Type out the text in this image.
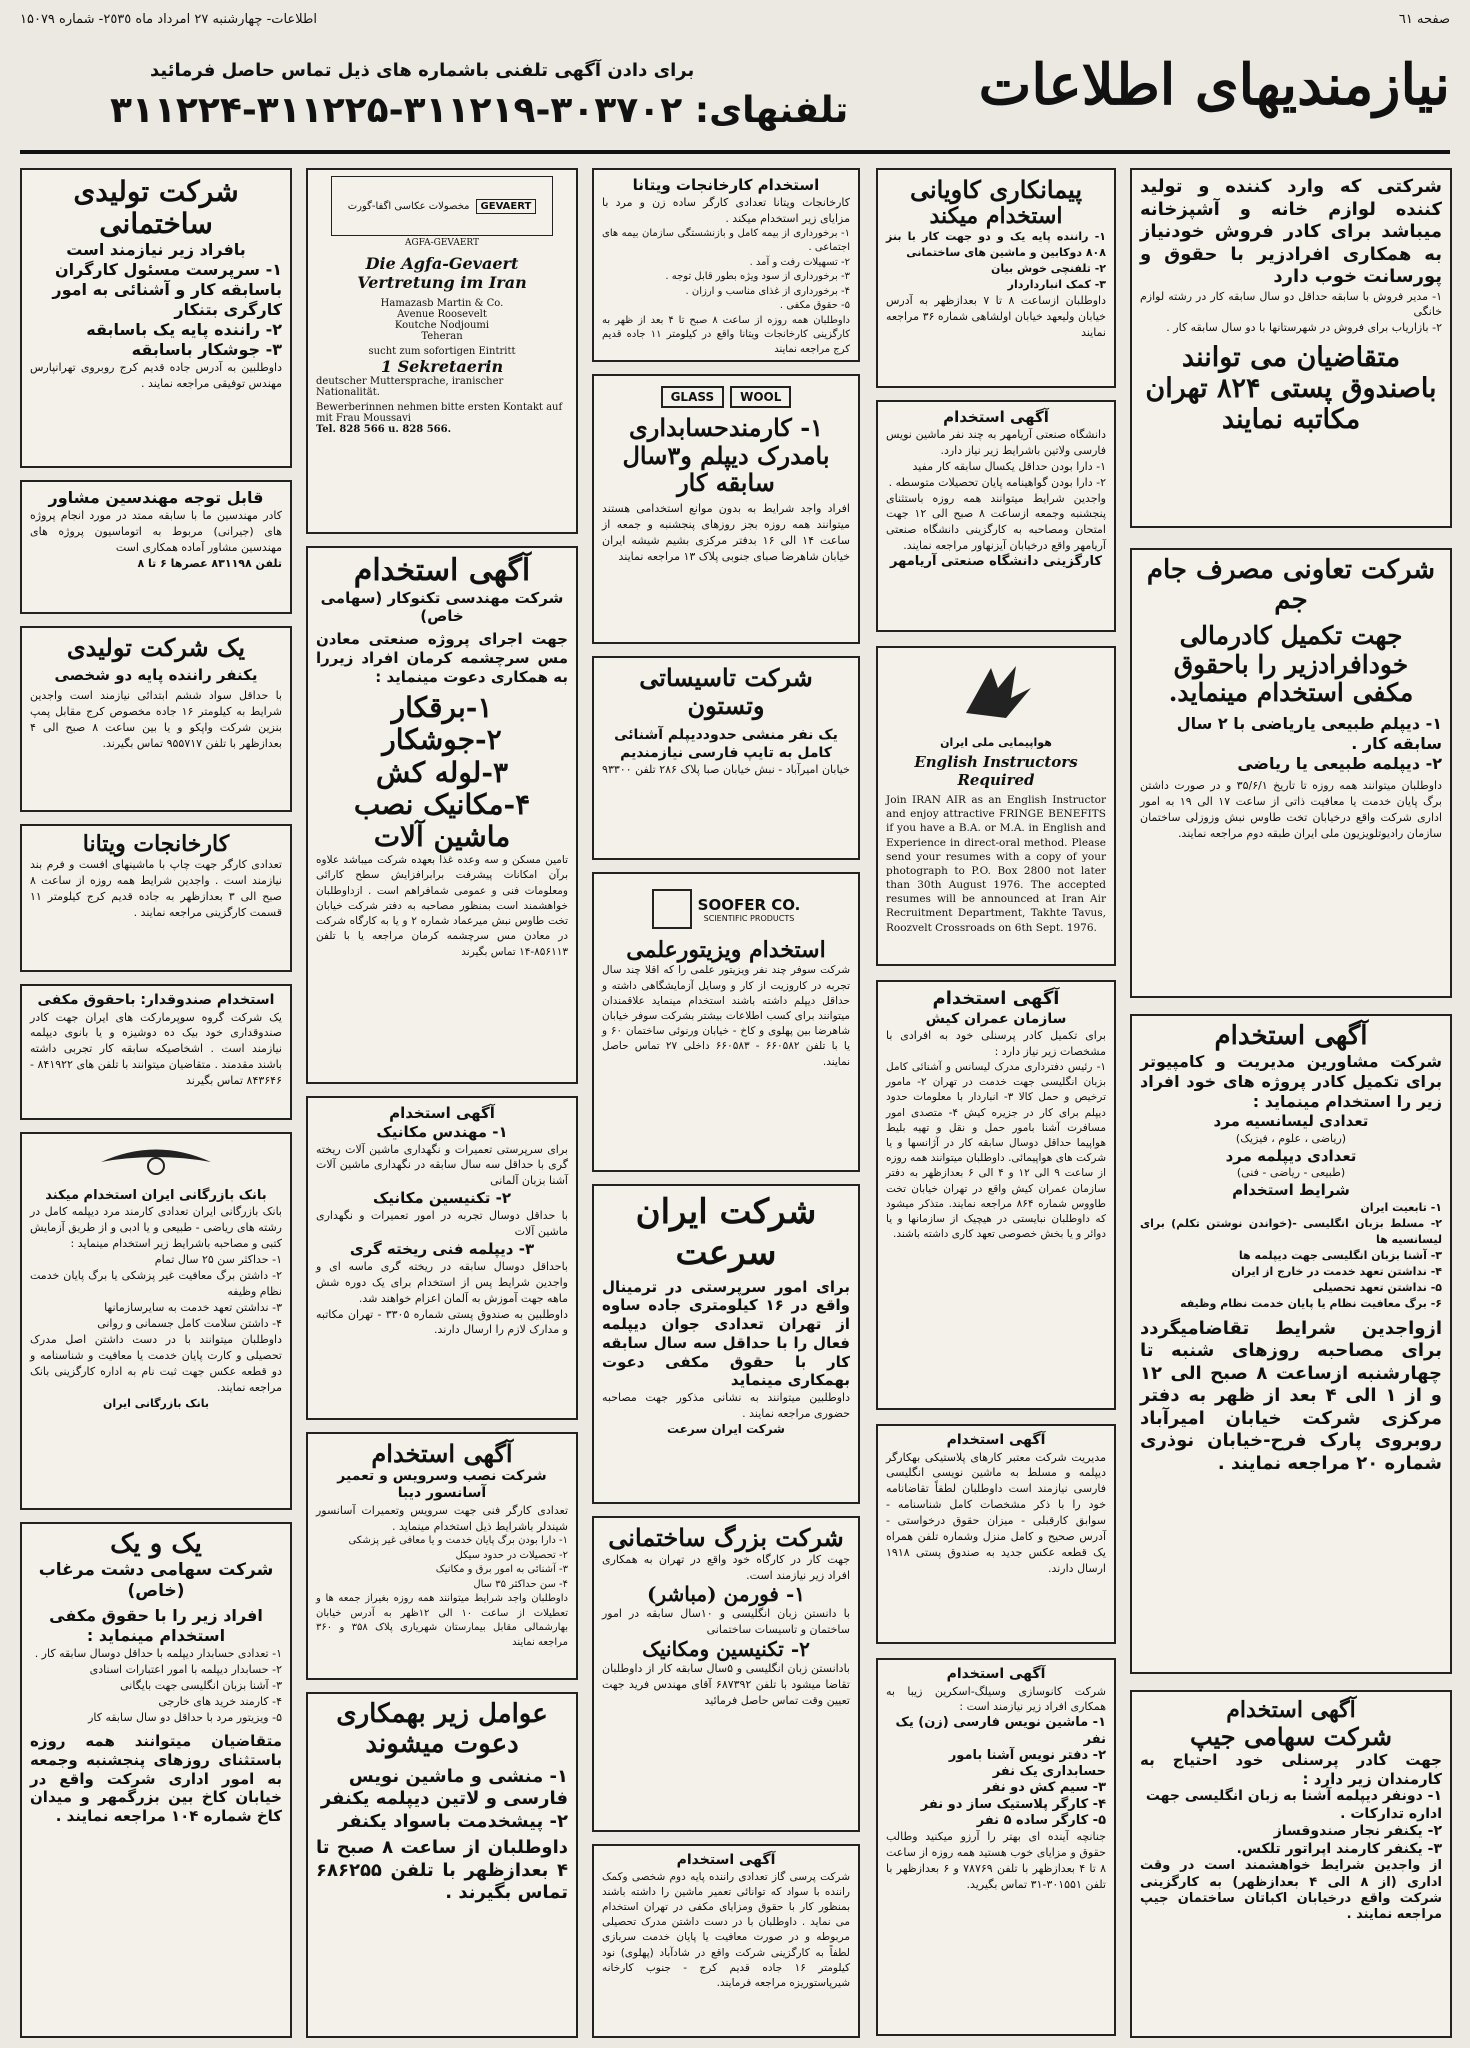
صفحه ٦١
اطلاعات- چهارشنبه ٢٧ امرداد ماه ٢٥٣٥- شماره ۱۵۰۷۹
نیازمندیهای اطلاعات
برای دادن آگهی تلفنی باشماره های ذیل تماس حاصل فرمائید
تلفنهای: ۳۰۳۷۰۲-۳۱۱۲۱۹-۳۱۱۲۲۵-۳۱۱۲۲۴
شرکتی که وارد کننده و تولید کننده لوازم خانه و آشپزخانه میباشد برای کادر فروش خودنیاز به همکاری افرادزیر با حقوق و پورسانت خوب دارد
۱- مدیر فروش با سابقه حداقل دو سال سابقه کار در رشته لوازم خانگی
۲- بازاریاب برای فروش در شهرستانها با دو سال سابقه کار .
متقاضیان می توانند باصندوق پستی ۸۲۴ تهران مکاتبه نمایند
شرکت تعاونی مصرف جام جم
جهت تکمیل کادرمالی خودافرادزیر را باحقوق مکفی استخدام مینماید.
۱- دیپلم طبیعی یاریاضی با ۲ سال سابقه کار .
۲- دیپلمه طبیعی یا ریاضی
داوطلبان میتوانند همه روزه تا تاریخ ۳۵/۶/۱ و در صورت داشتن برگ پایان خدمت یا معافیت ذاتی از ساعت ۱۷ الی ۱۹ به امور اداری شرکت واقع درخیابان تخت طاوس نبش وزوزلی ساختمان سازمان رادیوتلویزیون ملی ایران طبقه دوم مراجعه نمایند.
آگهی استخدام
شرکت مشاورین مدیریت و کامپیوتر برای تکمیل کادر پروژه های خود افراد زیر را استخدام مینماید :
تعدادی لیسانسیه مرد
(ریاضی ، علوم ، فیزیک)
تعدادی دیپلمه مرد
(طبیعی - ریاضی - فنی)
شرایط استخدام
۱- تابعیت ایران
۲- مسلط بزبان انگلیسی -(خواندن نوشتن تکلم) برای لیسانسیه ها
۳- آشنا بزبان انگلیسی جهت دیپلمه ها
۴- نداشتن تعهد خدمت در خارج از ایران
۵- نداشتن تعهد تحصیلی
۶- برگ معافیت نظام یا پایان خدمت نظام وظیفه
ازواجدین شرایط تقاضامیگردد برای مصاحبه روزهای شنبه تا چهارشنبه ازساعت ۸ صبح الی ۱۲ و از ۱ الی ۴ بعد از ظهر به دفتر مرکزی شرکت خیابان امیرآباد روبروی پارک فرح-خیابان نوذری شماره ۲۰ مراجعه نمایند .
آگهی استخدام
شرکت سهامی جیپ
جهت کادر پرسنلی خود احتیاج به کارمندان زیر دارد :
۱- دونفر دیپلمه آشنا به زبان انگلیسی جهت اداره تدارکات .
۲- یکنفر نجار صندوقساز
۳- یکنفر کارمند اپراتور تلکس.
از واجدین شرایط خواهشمند است در وقت اداری (از ۸ الی ۴ بعدازظهر) به کارگزینی شرکت واقع درخیابان اکباتان ساختمان جیپ مراجعه نمایند .
پیمانکاری کاویانی
استخدام میکند
۱- راننده پایه یک و دو جهت کار با بنز ۸۰۸ دوکابین و ماشین های ساختمانی
۲- تلفنچی خوش بیان
۳- کمک انبارداردار
داوطلبان ازساعت ۸ تا ۷ بعدازظهر به آدرس خیابان ولیعهد خیابان اولشاهی شماره ۳۶ مراجعه نمایند
آگهی استخدام
دانشگاه صنعتی آریامهر به چند نفر ماشین نویس فارسی ولاتین باشرایط زیر نیاز دارد.
۱- دارا بودن حداقل یکسال سابقه کار مفید
۲- دارا بودن گواهینامه پایان تحصیلات متوسطه .
واجدین شرایط میتوانند همه روزه باستثنای پنجشنبه وجمعه ازساعت ۸ صبح الی ۱۲ جهت امتحان ومصاحبه به کارگزینی دانشگاه صنعتی آریامهر واقع درخیابان آیزنهاور مراجعه نمایند.
کارگزینی دانشگاه صنعتی آریامهر
هواپیمایی ملی ایران
English Instructors Required
Join IRAN AIR as an English Instructor and enjoy attractive FRINGE BENEFITS if you have a B.A. or M.A. in English and Experience in direct-oral method. Please send your resumes with a copy of your photograph to P.O. Box 2800 not later than 30th August 1976. The accepted resumes will be announced at Iran Air Recruitment Department, Takhte Tavus, Roozvelt Crossroads on 6th Sept. 1976.
آگهی استخدام
سازمان عمران کیش
برای تکمیل کادر پرسنلی خود به افرادی با مشخصات زیر نیاز دارد :
۱- رئیس دفترداری مدرک لیسانس و آشنائی کامل بزبان انگلیسی جهت خدمت در تهران ۲- مامور ترخیص و حمل کالا ۳- انباردار با معلومات حدود دیپلم برای کار در جزیره کیش ۴- متصدی امور مسافرت آشنا بامور حمل و نقل و تهیه بلیط هواپیما حداقل دوسال سابقه کار در آژانسها و یا شرکت های هواپیمائی. داوطلبان میتوانند همه روزه از ساعت ۹ الی ۱۲ و ۴ الی ۶ بعدازظهر به دفتر سازمان عمران کیش واقع در تهران خیابان تخت طاووس شماره ۸۶۴ مراجعه نمایند. متذکر میشود که داوطلبان نبایستی در هیچیک از سازمانها و یا دوائر و یا بخش خصوصی تعهد کاری داشته باشند.
آگهی استخدام
مدیریت شرکت معتبر کارهای پلاستیکی بهکارگر دیپلمه و مسلط به ماشین نویسی انگلیسی فارسی نیازمند است داوطلبان لطفاً تقاضانامه خود را با ذکر مشخصات کامل شناسنامه - سوابق کارقبلی - میزان حقوق درخواستی - آدرس صحیح و کامل منزل وشماره تلفن همراه یک قطعه عکس جدید به صندوق پستی ۱۹۱۸ ارسال دارند.
آگهی استخدام
شرکت کانوسازی وسیلگ-اسکرین زیبا به همکاری افراد زیر نیازمند است :
۱- ماشین نویس فارسی (زن) یک نفر
۲- دفتر نویس آشنا بامور حسابداری یک نفر
۳- سیم کش دو نفر
۴- کارگر پلاستیک ساز دو نفر
۵- کارگر ساده ۵ نفر
جنانچه آینده ای بهتر را آرزو میکنید وطالب حقوق و مزایای خوب هستید همه روزه از ساعت ۸ تا ۴ بعدازظهر با تلفن ۷۸۷۶۹ و ۶ بعدازظهر با تلفن ۳۰۱۵۵۱-۳۱ تماس بگیرید.
استخدام کارخانجات ویتانا
کارخانجات ویتانا تعدادی کارگر ساده زن و مرد با مزایای زیر استخدام میکند .
۱- برخورداری از بیمه کامل و بازنشستگی سازمان بیمه های اجتماعی .
۲- تسهیلات رفت و آمد .
۳- برخورداری از سود ویژه بطور قابل توجه .
۴- برخورداری از غذای مناسب و ارزان .
۵- حقوق مکفی .
داوطلبان همه روزه از ساعت ۸ صبح تا ۴ بعد از ظهر به کارگزینی کارخانجات ویتانا واقع در کیلومتر ۱۱ جاده قدیم کرج مراجعه نمایند
GLASS	WOOL
۱- کارمندحسابداری بامدرک دیپلم و۳سال سابقه کار
افراد واجد شرایط به بدون موانع استخدامی هستند میتوانند همه روزه بجز روزهای پنجشنبه و جمعه از ساعت ۱۴ الی ۱۶ بدفتر مرکزی بشیم شیشه ایران خیابان شاهرضا صبای جنوبی پلاک ۱۳ مراجعه نمایند
شرکت تاسیساتی وتستون
یک نفر منشی حدوددیپلم آشنائی کامل به تایپ فارسی نیازمندیم
خیابان امیرآباد - نبش خیابان صبا پلاک ۲۸۶ تلفن ۹۳۳۰۰
SOOFER CO.
SCIENTIFIC PRODUCTS
استخدام ویزیتورعلمی
شرکت سوفر چند نفر ویزیتور علمی را که اقلا چند سال تجربه در کاروزیت از کار و وسایل آزمایشگاهی داشته و حداقل دیپلم داشته باشند استخدام مینماید علاقمندان میتوانند برای کسب اطلاعات بیشتر بشرکت سوفر خیابان شاهرضا بین پهلوی و کاخ - خیابان ورنوئی ساختمان ۶۰ و یا با تلفن ۶۶۰۵۸۲ - ۶۶۰۵۸۳ داخلی ۲۷ تماس حاصل نمایند.
شرکت ایران سرعت
برای امور سرپرستی در ترمینال واقع در ۱۶ کیلومتری جاده ساوه از تهران تعدادی جوان دیپلمه فعال را با حداقل سه سال سابقه کار با حقوق مکفی دعوت بهمکاری مینماید
داوطلبین میتوانند به نشانی مذکور جهت مصاحبه حضوری مراجعه نمایند .
شرکت ایران سرعت
شرکت بزرگ ساختمانی
جهت کار در کارگاه خود واقع در تهران به همکاری افراد زیر نیازمند است.
۱- فورمن (مباشر)
با دانستن زبان انگلیسی و ۱۰سال سابقه در امور ساختمان و تاسیسات ساختمانی
۲- تکنیسین ومکانیک
بادانستن زبان انگلیسی و ۵سال سابقه کار از داوطلبان تقاضا میشود با تلفن ۶۸۷۳۹۲ آقای مهندس فرید جهت تعیین وقت تماس حاصل فرمائید
آگهی استخدام
شرکت پرسی گاز تعدادی راننده پایه دوم شخصی وکمک راننده با سواد که توانائی تعمیر ماشین را داشته باشند بمنظور کار با حقوق ومزایای مکفی در تهران استخدام می نماید . داوطلبان با در دست داشتن مدرک تحصیلی مربوطه و در صورت معافیت یا پایان خدمت سربازی لطفاً به کارگزینی شرکت واقع در شادآباد (پهلوی) نود کیلومتر ۱۶ جاده قدیم کرج - جنوب کارخانه شیرپاستوریزه مراجعه فرمایند.
GEVAERT
مخصولات عکاسی اگفا-گورت
AGFA-GEVAERT
Die Agfa-Gevaert
Vertretung im Iran
Hamazasb Martin & Co.
Avenue Roosevelt
Koutche Nodjoumi
Teheran
sucht zum sofortigen Eintritt
1 Sekretaerin
deutscher Muttersprache, iranischer Nationalität.
Bewerberinnen nehmen bitte ersten Kontakt auf mit Frau Moussavi
Tel. 828 566 u. 828 566.
آگهی استخدام
شرکت مهندسی تکنوکار (سهامی خاص)
جهت اجرای پروژه صنعتی معادن مس سرچشمه کرمان افراد زیررا به همکاری دعوت مینماید :
۱-برقکار
۲-جوشکار
۳-لوله کش
۴-مکانیک نصب ماشین آلات
تامین مسکن و سه وعده غذا بعهده شرکت میباشد علاوه برآن امکانات پیشرفت برابرافزایش سطح کارائی ومعلومات فنی و عمومی شمافراهم است . ازداوطلبان خواهشمند است بمنظور مصاحبه به دفتر شرکت خیابان تخت طاوس نبش میرعماد شماره ۲ و یا به کارگاه شرکت در معادن مس سرچشمه کرمان مراجعه یا با تلفن ۸۵۶۱۱۳-۱۴ تماس بگیرند
آگهی استخدام
۱- مهندس مکانیک
برای سرپرستی تعمیرات و نگهداری ماشین آلات ریخته گری با حداقل سه سال سابقه در نگهداری ماشین آلات آشنا بزبان آلمانی
۲- تکنیسین مکانیک
با حداقل دوسال تجربه در امور تعمیرات و نگهداری ماشین آلات
۳- دیپلمه فنی ریخته گری
باحداقل دوسال سابقه در ریخته گری ماسه ای و واجدین شرایط پس از استخدام برای یک دوره شش ماهه جهت آموزش به آلمان اعزام خواهند شد.
داوطلبین به صندوق پستی شماره ۳۳۰۵ - تهران مکاتبه و مدارک لازم را ارسال دارند.
آگهی استخدام
شرکت نصب وسرویس و تعمیر آسانسور دیبا
تعدادی کارگر فنی جهت سرویس وتعمیرات آسانسور شیندلر باشرایط ذیل استخدام مینماید .
۱- دارا بودن برگ پایان خدمت و یا معافی غیر پزشکی
۲- تحصیلات در حدود سیکل
۳- آشنائی به امور برق و مکانیک
۴- سن حداکثر ۳۵ سال
داوطلبان واجد شرایط میتوانند همه روزه بغیراز جمعه ها و تعطیلات از ساعت ۱۰ الی ۱۲ظهر به آدرس خیابان بهارشمالی مقابل بیمارستان شهریاری پلاک ۳۵۸ و ۳۶۰ مراجعه نمایند
عوامل زیر بهمکاری دعوت میشوند
۱- منشی و ماشین نویس فارسی و لاتین دیپلمه یکنفر
۲- پیشخدمت باسواد یکنفر
داوطلبان از ساعت ۸ صبح تا ۴ بعدازظهر با تلفن ۶۸۶۲۵۵ تماس بگیرند .
شرکت تولیدی ساختمانی
بافراد زیر نیازمند است
۱- سرپرست مسئول کارگران باسابقه کار و آشنائی به امور کارگری بتنکار
۲- راننده پایه یک باسابقه
۳- جوشکار باسابقه
داوطلبین به آدرس جاده قدیم کرج روبروی تهرانپارس مهندس توفیقی مراجعه نمایند .
قابل توجه مهندسین مشاور
کادر مهندسین ما با سابقه ممتد در مورد انجام پروژه های (جیرانی) مربوط به اتوماسیون پروژه های مهندسین مشاور آماده همکاری است
تلفن ۸۳۱۱۹۸ عصرها ۶ تا ۸
یک شرکت تولیدی
یکنفر راننده پایه دو شخصی
با حداقل سواد ششم ابتدائی نیازمند است واجدین شرایط به کیلومتر ۱۶ جاده مخصوص کرج مقابل پمپ بنزین شرکت واپکو و یا بین ساعت ۸ صبح الی ۴ بعدازظهر با تلفن ۹۵۵۷۱۷ تماس بگیرند.
کارخانجات ویتانا
تعدادی کارگر جهت چاپ با ماشینهای افست و فرم بند نیازمند است . واجدین شرایط همه روزه از ساعت ۸ صبح الی ۳ بعدازظهر به جاده قدیم کرج کیلومتر ۱۱ قسمت کارگزینی مراجعه نمایند .
استخدام صندوقدار: باحقوق مکفی
یک شرکت گروه سوپرمارکت های ایران جهت کادر صندوقداری خود بیک ده دوشیزه و یا بانوی دیپلمه نیازمند است . اشخاصیکه سابقه کار تجربی داشته باشند مقدمند . متقاضیان میتوانند با تلفن های ۸۴۱۹۲۲ - ۸۴۳۶۴۶ تماس بگیرند
بانک بازرگانی ایران استخدام میکند
بانک بازرگانی ایران تعدادی کارمند مرد دیپلمه کامل در رشته های ریاضی - طبیعی و یا ادبی و از طریق آزمایش کتبی و مصاحبه باشرایط زیر استخدام مینماید :
۱- حداکثر سن ۲۵ سال تمام
۲- داشتن برگ معافیت غیر پزشکی یا برگ پایان خدمت نظام وظیفه
۳- نداشتن تعهد خدمت به سایرسازمانها
۴- داشتن سلامت کامل جسمانی و روانی
داوطلبان میتوانند با در دست داشتن اصل مدرک تحصیلی و کارت پایان خدمت یا معافیت و شناسنامه و دو قطعه عکس جهت ثبت نام به اداره کارگزینی بانک مراجعه نمایند.
بانک بازرگانی ایران
یک و یک
شرکت سهامی دشت مرغاب (خاص)
افراد زیر را با حقوق مکفی استخدام مینماید :
۱- تعدادی حسابدار دیپلمه با حداقل دوسال سابقه کار .
۲- حسابدار دیپلمه با امور اعتبارات اسنادی
۳- آشنا بزبان انگلیسی جهت بایگانی
۴- کارمند خرید های خارجی
۵- ویزیتور مرد با حداقل دو سال سابقه کار
متقاضیان میتوانند همه روزه باستثنای روزهای پنجشنبه وجمعه به امور اداری شرکت واقع در خیابان کاخ بین بزرگمهر و میدان کاخ شماره ۱۰۴ مراجعه نمایند .
